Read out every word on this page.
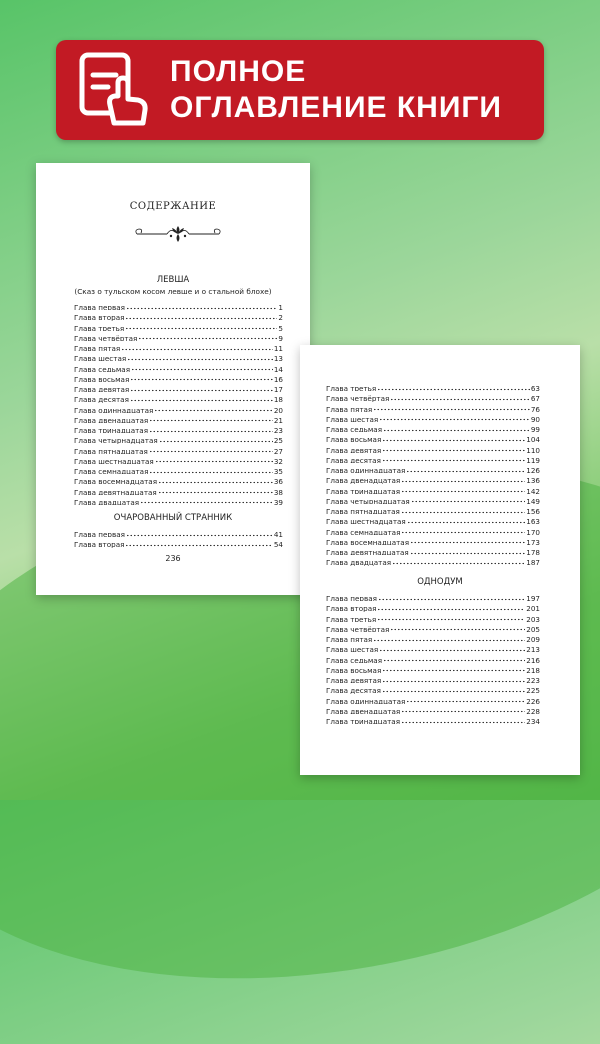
ПОЛНОЕ
ОГЛАВЛЕНИЕ КНИГИ
СОДЕРЖАНИЕ
ЛЕВША
(Сказ о тульском косом левше и о стальной блохе)
Глава первая	1
Глава вторая	2
Глава третья	5
Глава четвёртая	9
Глава пятая	11
Глава шестая	13
Глава седьмая	14
Глава восьмая	16
Глава девятая	17
Глава десятая	18
Глава одиннадцатая	20
Глава двенадцатая	21
Глава тринадцатая	23
Глава четырнадцатая	25
Глава пятнадцатая	27
Глава шестнадцатая	32
Глава семнадцатая	35
Глава восемнадцатая	36
Глава девятнадцатая	38
Глава двадцатая	39
ОЧАРОВАННЫЙ СТРАННИК
Глава первая	41
Глава вторая	54
236
Глава третья	63
Глава четвёртая	67
Глава пятая	76
Глава шестая	90
Глава седьмая	99
Глава восьмая	104
Глава девятая	110
Глава десятая	119
Глава одиннадцатая	126
Глава двенадцатая	136
Глава тринадцатая	142
Глава четырнадцатая	149
Глава пятнадцатая	156
Глава шестнадцатая	163
Глава семнадцатая	170
Глава восемнадцатая	173
Глава девятнадцатая	178
Глава двадцатая	187
ОДНОДУМ
Глава первая	197
Глава вторая	201
Глава третья	203
Глава четвёртая	205
Глава пятая	209
Глава шестая	213
Глава седьмая	216
Глава восьмая	218
Глава девятая	223
Глава десятая	225
Глава одиннадцатая	226
Глава двенадцатая	228
Глава тринадцатая	234
